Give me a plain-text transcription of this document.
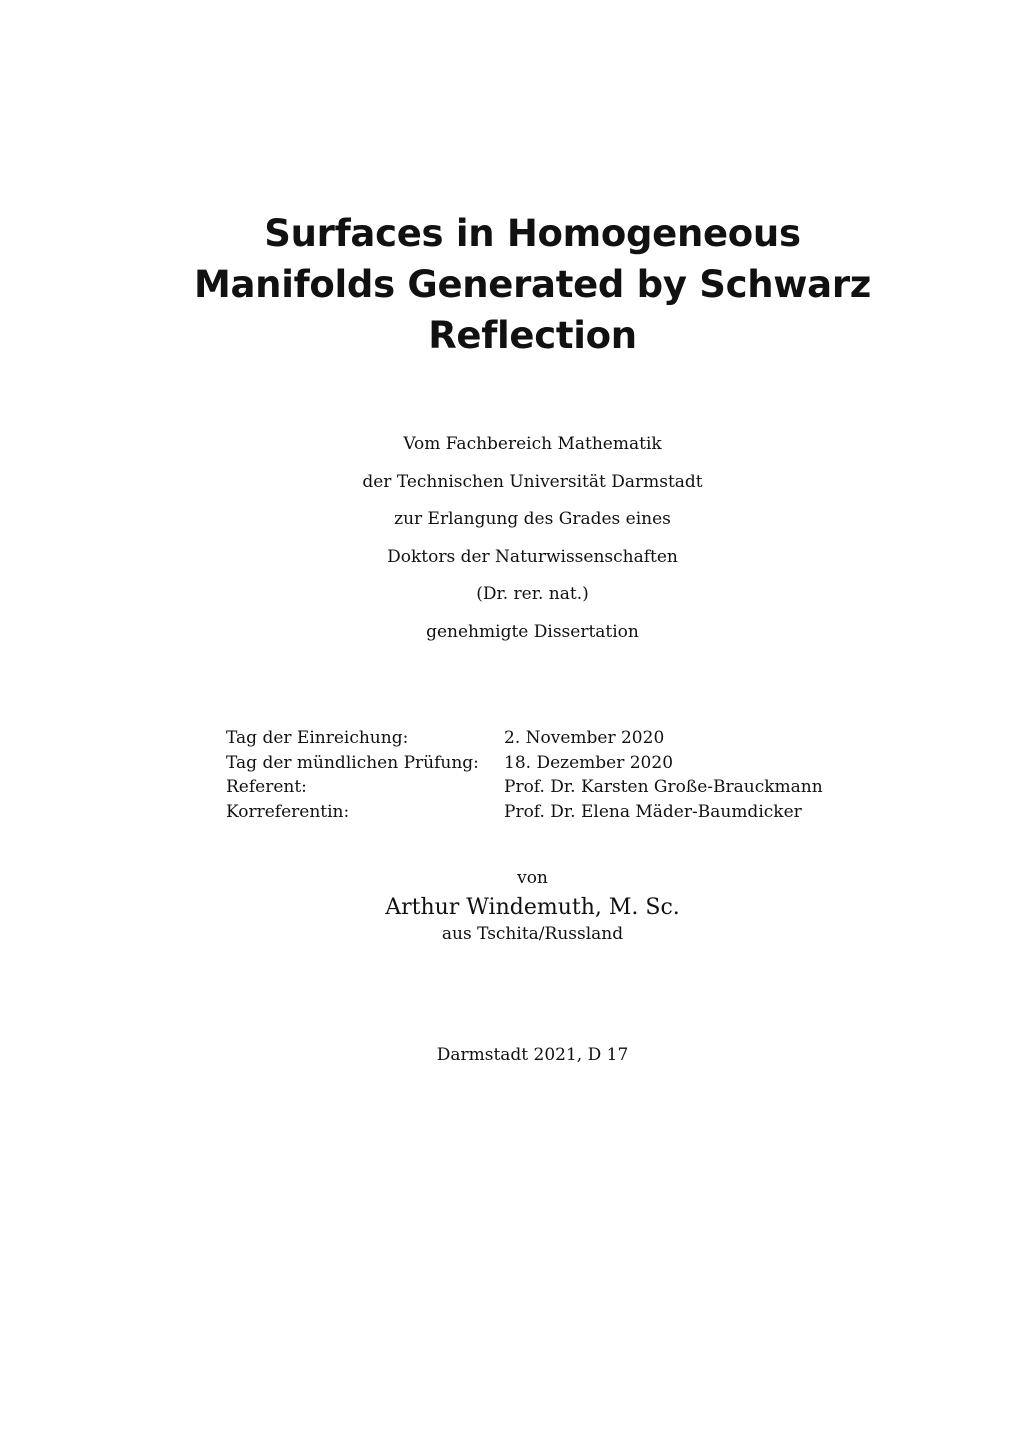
Surfaces in Homogeneous
Manifolds Generated by Schwarz
Reflection
Vom Fachbereich Mathematik
der Technischen Universität Darmstadt
zur Erlangung des Grades eines
Doktors der Naturwissenschaften
(Dr. rer. nat.)
genehmigte Dissertation
Tag der Einreichung:	2. November 2020
Tag der mündlichen Prüfung:	18. Dezember 2020
Referent:	Prof. Dr. Karsten Große-Brauckmann
Korreferentin:	Prof. Dr. Elena Mäder-Baumdicker
von
Arthur Windemuth, M. Sc.
aus Tschita/Russland
Darmstadt 2021, D 17
